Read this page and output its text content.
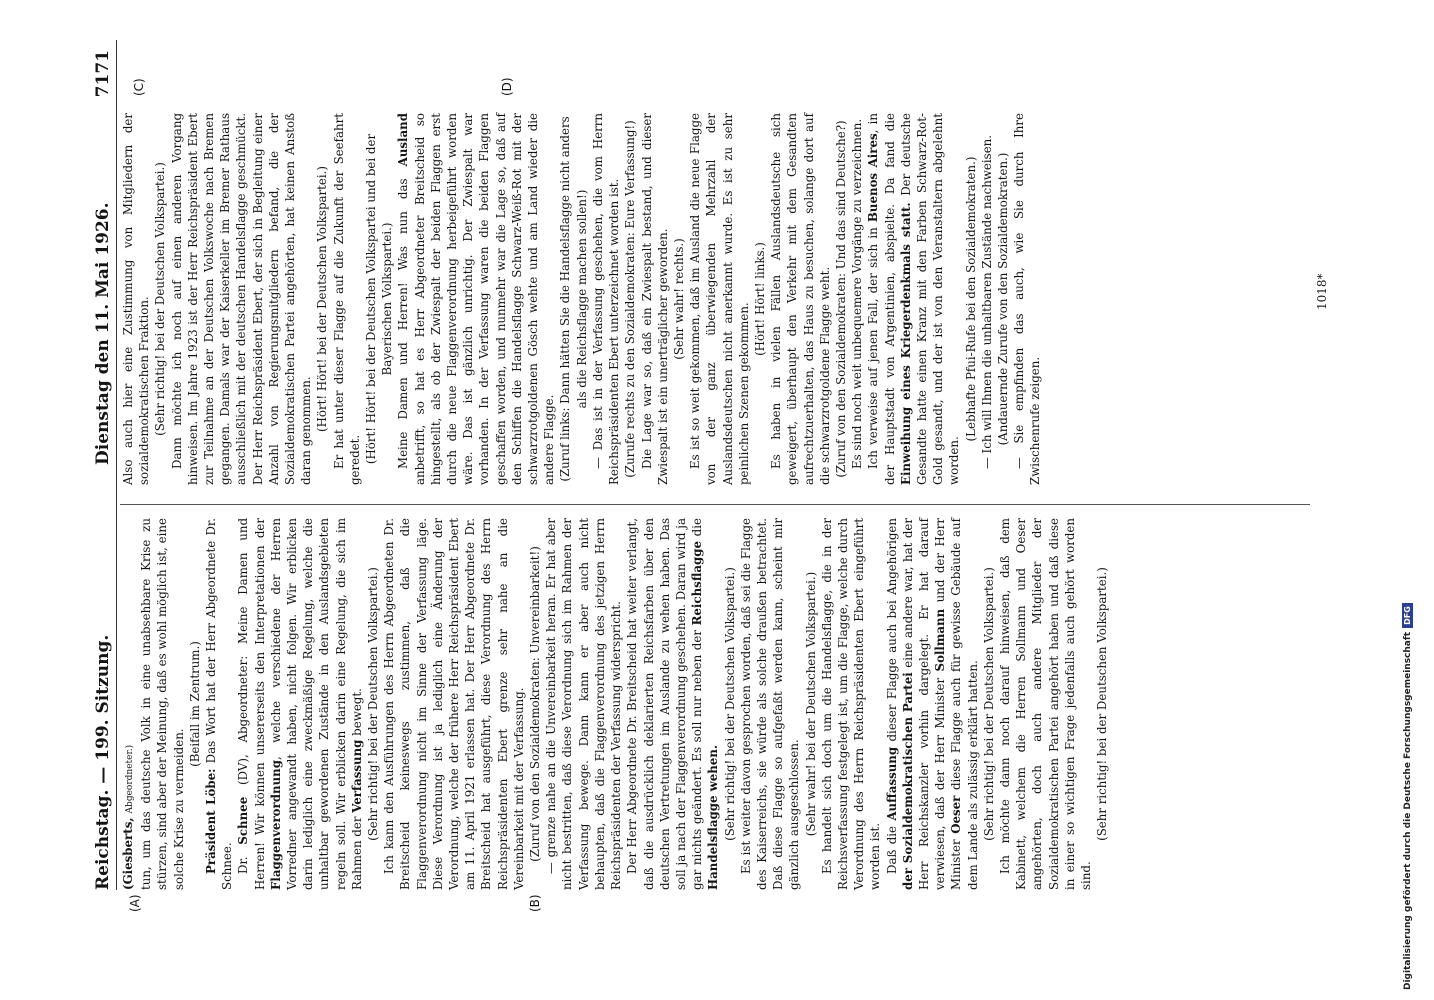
Reichstag. — 199. Sitzung.
Dienstag den 11. Mai 1926.
7171
(A)	(B)
(C)	(D)

(Giesberts, Abgeordneter.) tun, um das deutsche Volk in eine unabsehbare Krise zu stürzen, sind aber der Meinung, daß es wohl möglich ist, eine solche Krise zu vermeiden.

(Beifall im Zentrum.)

Präsident Löbe: Das Wort hat der Herr Abgeordnete Dr. Schnee. Dr. Schnee (DV), Abgeordneter: Meine Damen und Herren! Wir können unsererseits den Interpretationen der Flaggenverordnung, welche verschiedene der Herren Vorredner angewandt haben, nicht folgen. Wir erblicken darin lediglich eine zweckmäßige Regelung, welche die unhaltbar gewordenen Zustände in den Auslandsgebieten regeln soll. Wir erblicken darin eine Regelung, die sich im Rahmen der Verfassung bewegt. (Sehr richtig! bei der Deutschen Volkspartei.) Ich kann den Ausführungen des Herrn Abgeordneten Dr. Breitscheid keineswegs zustimmen, daß die Flaggenverordnung nicht im Sinne der Verfassung läge. Diese Verordnung ist ja lediglich eine Änderung der Verordnung, welche der frühere Herr Reichspräsident Ebert am 11. April 1921 erlassen hat. Der Herr Abgeordnete Dr. Breitscheid hat ausgeführt, diese Verordnung des Herrn Reichspräsidenten Ebert grenze sehr nahe an die Vereinbarkeit mit der Verfassung. (Zuruf von den Sozialdemokraten: Unvereinbarkeit!) — grenze nahe an die Unvereinbarkeit heran. Er hat aber nicht bestritten, daß diese Verordnung sich im Rahmen der Verfassung bewege. Dann kann er aber auch nicht behaupten, daß die Flaggenverordnung des jetzigen Herrn Reichspräsidenten der Verfassung widerspricht. Der Herr Abgeordnete Dr. Breitscheid hat weiter verlangt, daß die ausdrücklich deklarierten Reichsfarben über den deutschen Vertretungen im Auslande zu wehen haben. Das soll ja nach der Flaggenverordnung geschehen. Daran wird ja gar nichts geändert. Es soll nur neben der Reichsflagge die Handelsflagge wehen. (Sehr richtig! bei der Deutschen Volkspartei.) Es ist weiter davon gesprochen worden, daß sei die Flagge des Kaiserreichs, sie würde als solche draußen betrachtet. Daß diese Flagge so aufgefaßt werden kann, scheint mir gänzlich ausgeschlossen. (Sehr wahr! bei der Deutschen Volkspartei.) Es handelt sich doch um die Handelsflagge, die in der Reichsverfassung festgelegt ist, um die Flagge, welche durch Verordnung des Herrn Reichspräsidenten Ebert eingeführt worden ist. Daß die Auffassung dieser Flagge auch bei Angehörigen der Sozialdemokratischen Partei eine andere war, hat der Herr Reichskanzler vorhin dargelegt. Er hat darauf verwiesen, daß der Herr Minister Sollmann und der Herr Minister Oeser diese Flagge auch für gewisse Gebäude auf dem Lande als zulässig erklärt hatten. (Sehr richtig! bei der Deutschen Volkspartei.) Ich möchte dann noch darauf hinweisen, daß dem Kabinett, welchem die Herren Sollmann und Oeser angehörten, doch auch andere Mitglieder der Sozialdemokratischen Partei angehört haben und daß diese in einer so wichtigen Frage jedenfalls auch gehört worden sind.

(Sehr richtig! bei der Deutschen Volkspartei.)

Also auch hier eine Zustimmung von Mitgliedern der sozialdemokratischen Fraktion. (Sehr richtig! bei der Deutschen Volkspartei.) Dann möchte ich noch auf einen anderen Vorgang hinweisen. Im Jahre 1923 ist der Herr Reichspräsident Ebert zur Teilnahme an der Deutschen Volkswoche nach Bremen gegangen. Damals war der Kaiserkeller im Bremer Rathaus ausschließlich mit der deutschen Handelsflagge geschmückt. Der Herr Reichspräsident Ebert, der sich in Begleitung einer Anzahl von Regierungsmitgliedern befand, die der Sozialdemokratischen Partei angehörten, hat keinen Anstoß daran genommen. (Hört! Hört! bei der Deutschen Volkspartei.) Er hat unter dieser Flagge auf die Zukunft der Seefahrt geredet. (Hört! Hört! bei der Deutschen Volkspartei und bei der Bayerischen Volkspartei.) Meine Damen und Herren! Was nun das Ausland anbetrifft, so hat es Herr Abgeordneter Breitscheid so hingestellt, als ob der Zwiespalt der beiden Flaggen erst durch die neue Flaggenverordnung herbeigeführt worden wäre. Das ist gänzlich unrichtig. Der Zwiespalt war vorhanden. In der Verfassung waren die beiden Flaggen geschaffen worden, und nunmehr war die Lage so, daß auf den Schiffen die Handelsflagge Schwarz-Weiß-Rot mit der schwarzrotgoldenen Gösch wehte und am Land wieder die andere Flagge. (Zuruf links: Dann hätten Sie die Handelsflagge nicht anders als die Reichsflagge machen sollen!) — Das ist in der Verfassung geschehen, die vom Herrn Reichspräsidenten Ebert unterzeichnet worden ist. (Zurufe rechts zu den Sozialdemokraten: Eure Verfassung!) Die Lage war so, daß ein Zwiespalt bestand, und dieser Zwiespalt ist ein unerträglicher geworden. (Sehr wahr! rechts.) Es ist so weit gekommen, daß im Ausland die neue Flagge von der ganz überwiegenden Mehrzahl der Auslandsdeutschen nicht anerkannt wurde. Es ist zu sehr peinlichen Szenen gekommen.

(Hört! Hört! links.) Es haben in vielen Fällen Auslandsdeutsche sich geweigert, überhaupt den Verkehr mit dem Gesandten aufrechtzuerhalten, das Haus zu besuchen, solange dort auf die schwarzrotgoldene Flagge weht. (Zuruf von den Sozialdemokraten: Und das sind Deutsche?) Es sind noch weit unbequemere Vorgänge zu verzeichnen. Ich verweise auf jenen Fall, der sich in Buenos Aires, in der Hauptstadt von Argentinien, abspielte. Da fand die Einweihung eines Kriegerdenkmals statt. Der deutsche Gesandte hatte einen Kranz mit den Farben Schwarz-Rot-Gold gesandt, und der ist von den Veranstaltern abgelehnt worden.

(Lebhafte Pfui-Rufe bei den Sozialdemokraten.) — Ich will Ihnen die unhaltbaren Zustände nachweisen. (Andauernde Zurufe von den Sozialdemokraten.) — Sie empfinden das auch, wie Sie durch Ihre Zwischenrufe zeigen.

1018*
Digitalisierung gefördert durch die Deutsche Forschungsgemeinschaft
DFG
